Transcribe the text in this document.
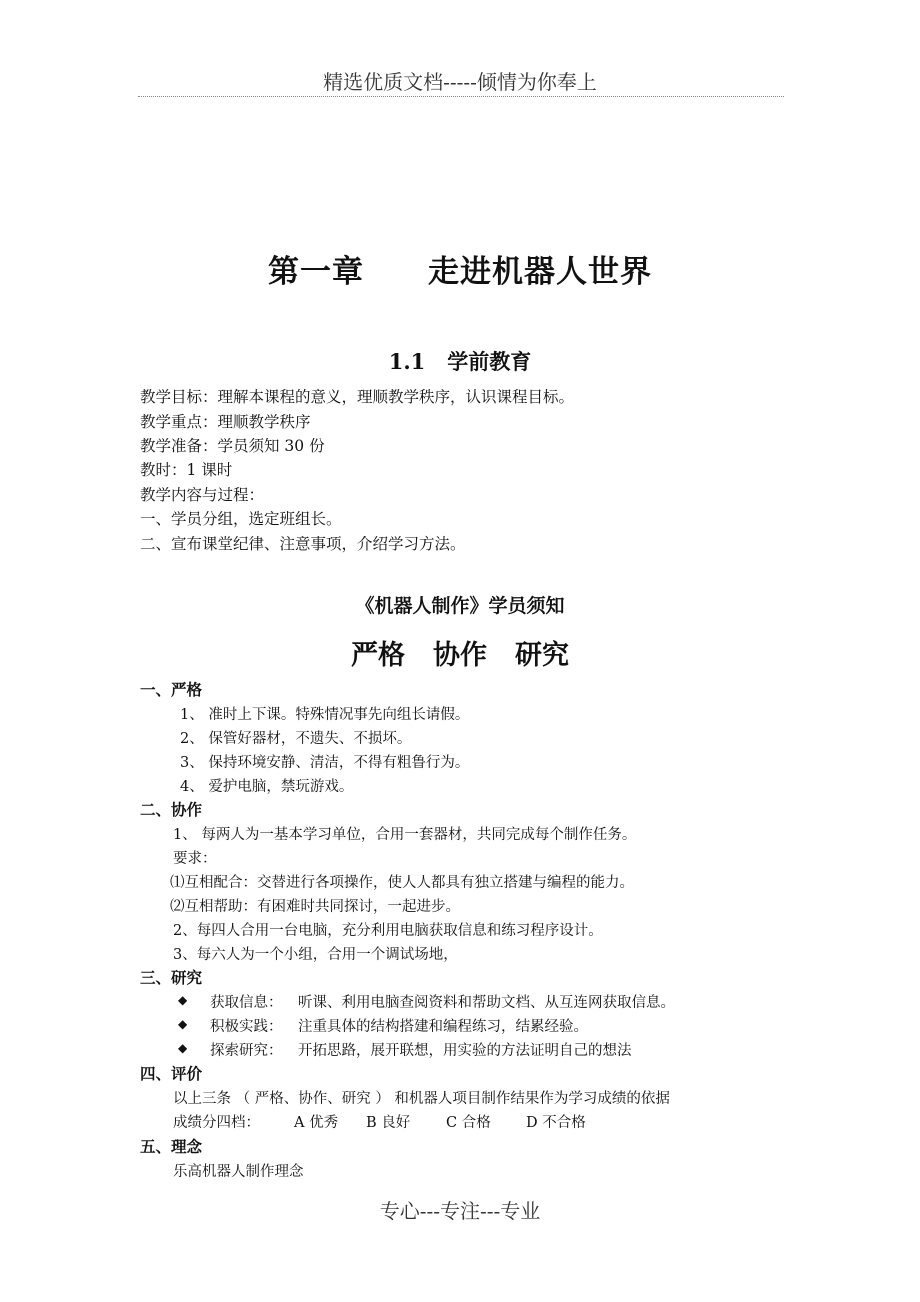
精选优质文档-----倾情为你奉上
第一章 走进机器人世界
1.1 学前教育
教学目标：理解本课程的意义，理顺教学秩序，认识课程目标。
教学重点：理顺教学秩序
教学准备：学员须知 30 份
教时：1 课时
教学内容与过程：
一、学员分组，选定班组长。
二、宣布课堂纪律、注意事项，介绍学习方法。
《机器人制作》学员须知
严格 协作 研究
一、严格
1、 准时上下课。特殊情况事先向组长请假。
2、 保管好器材，不遗失、不损坏。
3、 保持环境安静、清洁，不得有粗鲁行为。
4、 爱护电脑，禁玩游戏。
二、协作
1、 每两人为一基本学习单位，合用一套器材，共同完成每个制作任务。
要求：
⑴互相配合：交替进行各项操作，使人人都具有独立搭建与编程的能力。
⑵互相帮助：有困难时共同探讨，一起进步。
2、每四人合用一台电脑，充分利用电脑获取信息和练习程序设计。
3、每六人为一个小组，合用一个调试场地，
三、研究
◆ 获取信息： 听课、利用电脑查阅资料和帮助文档、从互连网获取信息。
◆ 积极实践： 注重具体的结构搭建和编程练习，结累经验。
◆ 探索研究： 开拓思路，展开联想，用实验的方法证明自己的想法
四、评价
以上三条 （ 严格、协作、研究 ） 和机器人项目制作结果作为学习成绩的依据
成绩分四档： A 优秀 B 良好 C 合格 D 不合格
五、理念
乐高机器人制作理念
专心---专注---专业
